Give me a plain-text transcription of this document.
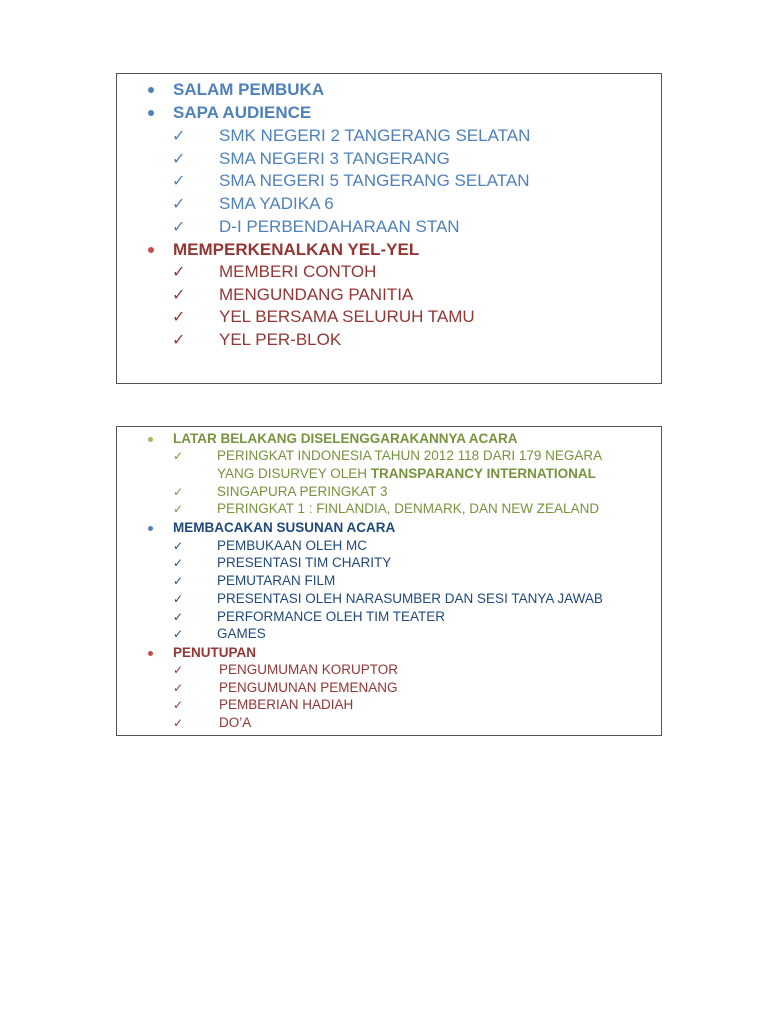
SALAM PEMBUKA
SAPA AUDIENCE
✓ SMK NEGERI 2 TANGERANG SELATAN
✓ SMA NEGERI 3 TANGERANG
✓ SMA NEGERI 5 TANGERANG SELATAN
✓ SMA YADIKA 6
✓ D-I PERBENDAHARAAN STAN
MEMPERKENALKAN YEL-YEL
✓ MEMBERI CONTOH
✓ MENGUNDANG PANITIA
✓ YEL BERSAMA SELURUH TAMU
✓ YEL PER-BLOK
LATAR BELAKANG DISELENGGARAKANNYA ACARA
✓	PERINGKAT INDONESIA TAHUN 2012 118 DARI 179 NEGARA
YANG DISURVEY OLEH TRANSPARANCY INTERNATIONAL
✓	SINGAPURA PERINGKAT 3
✓	PERINGKAT 1 : FINLANDIA, DENMARK, DAN NEW ZEALAND
MEMBACAKAN SUSUNAN ACARA
✓	PEMBUKAAN OLEH MC
✓	PRESENTASI TIM CHARITY
✓	PEMUTARAN FILM
✓	PRESENTASI OLEH NARASUMBER DAN SESI TANYA JAWAB
✓	PERFORMANCE OLEH TIM TEATER
✓	GAMES
PENUTUPAN
✓	PENGUMUMAN KORUPTOR
✓	PENGUMUNAN PEMENANG
✓	PEMBERIAN HADIAH
✓	DO’A
